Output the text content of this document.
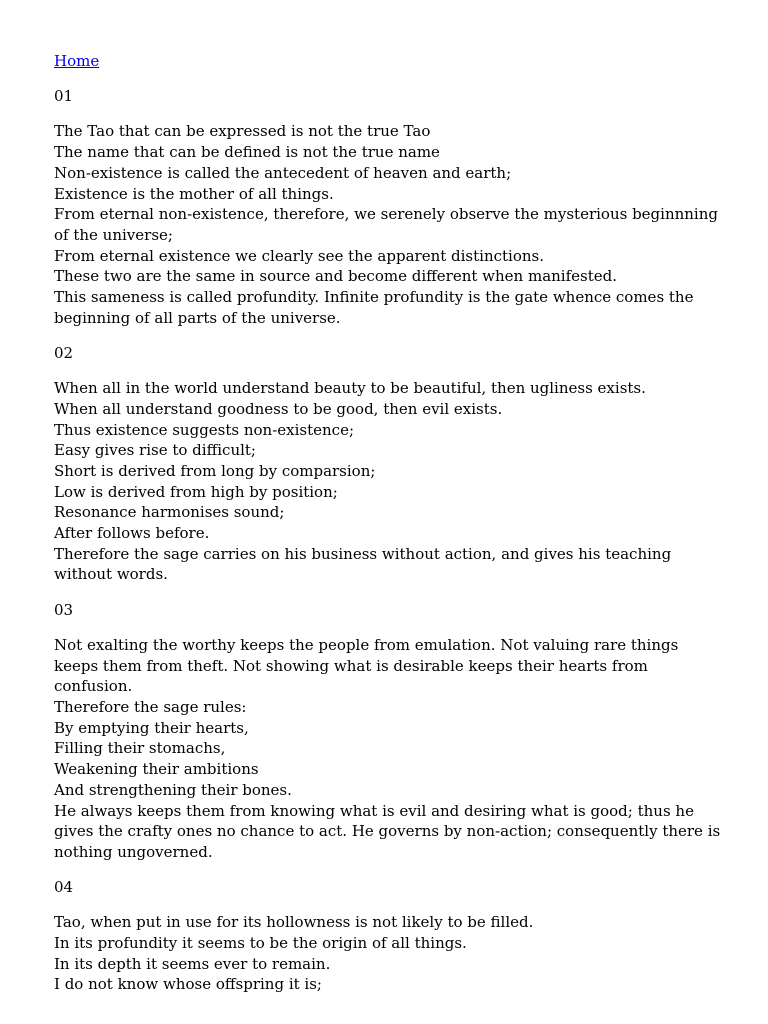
Home

01

The Tao that can be expressed is not the true Tao
The name that can be defined is not the true name
Non-existence is called the antecedent of heaven and earth;
Existence is the mother of all things.
From eternal non-existence, therefore, we serenely observe the mysterious beginnning of the universe;
From eternal existence we clearly see the apparent distinctions.
These two are the same in source and become different when manifested.
This sameness is called profundity. Infinite profundity is the gate whence comes the beginning of all parts of the universe.

02

When all in the world understand beauty to be beautiful, then ugliness exists.
When all understand goodness to be good, then evil exists.
Thus existence suggests non-existence;
Easy gives rise to difficult;
Short is derived from long by comparsion;
Low is derived from high by position;
Resonance harmonises sound;
After follows before.
Therefore the sage carries on his business without action, and gives his teaching without words.

03

Not exalting the worthy keeps the people from emulation. Not valuing rare things keeps them from theft. Not showing what is desirable keeps their hearts from confusion.
Therefore the sage rules:
By emptying their hearts,
Filling their stomachs,
Weakening their ambitions
And strengthening their bones.
He always keeps them from knowing what is evil and desiring what is good; thus he gives the crafty ones no chance to act. He governs by non-action; consequently there is nothing ungoverned.

04

Tao, when put in use for its hollowness is not likely to be filled.
In its profundity it seems to be the origin of all things.
In its depth it seems ever to remain.
I do not know whose offspring it is;
